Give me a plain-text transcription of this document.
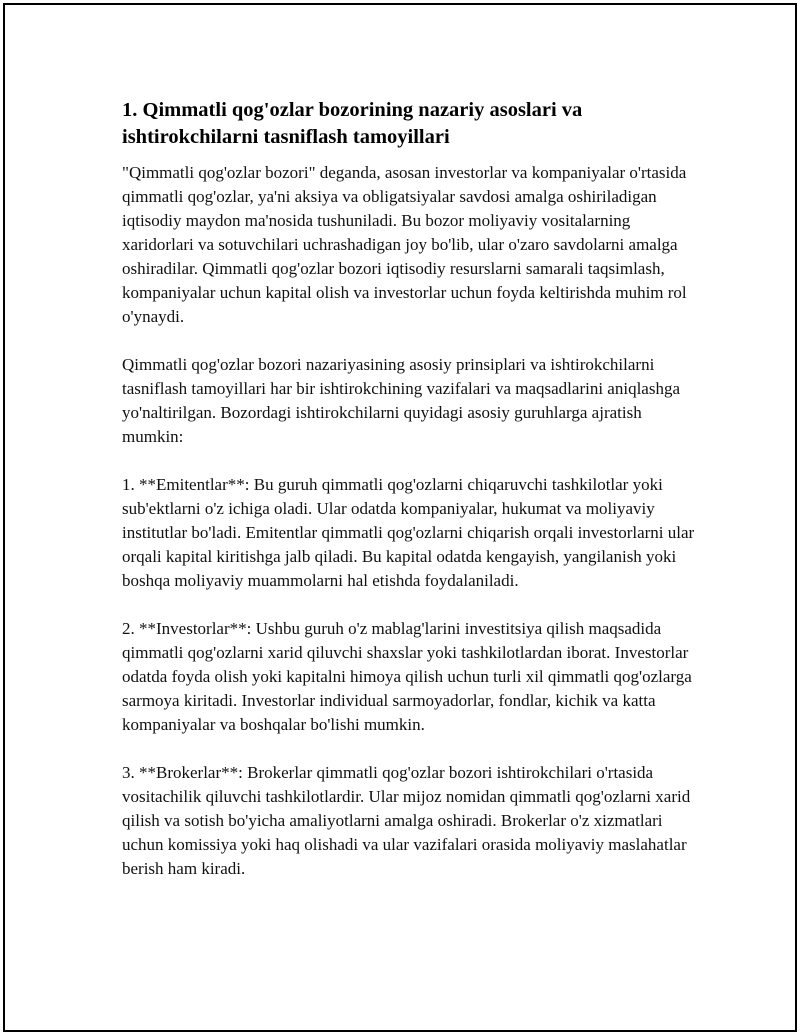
1. Qimmatli qog'ozlar bozorining nazariy asoslari va ishtirokchilarni tasniflash tamoyillari

"Qimmatli qog'ozlar bozori" deganda, asosan investorlar va kompaniyalar o'rtasida qimmatli qog'ozlar, ya'ni aksiya va obligatsiyalar savdosi amalga oshiriladigan iqtisodiy maydon ma'nosida tushuniladi. Bu bozor moliyaviy vositalarning xaridorlari va sotuvchilari uchrashadigan joy bo'lib, ular o'zaro savdolarni amalga oshiradilar. Qimmatli qog'ozlar bozori iqtisodiy resurslarni samarali taqsimlash, kompaniyalar uchun kapital olish va investorlar uchun foyda keltirishda muhim rol o'ynaydi.

Qimmatli qog'ozlar bozori nazariyasining asosiy prinsiplari va ishtirokchilarni tasniflash tamoyillari har bir ishtirokchining vazifalari va maqsadlarini aniqlashga yo'naltirilgan. Bozordagi ishtirokchilarni quyidagi asosiy guruhlarga ajratish mumkin:

1. **Emitentlar**: Bu guruh qimmatli qog'ozlarni chiqaruvchi tashkilotlar yoki sub'ektlarni o'z ichiga oladi. Ular odatda kompaniyalar, hukumat va moliyaviy institutlar bo'ladi. Emitentlar qimmatli qog'ozlarni chiqarish orqali investorlarni ular orqali kapital kiritishga jalb qiladi. Bu kapital odatda kengayish, yangilanish yoki boshqa moliyaviy muammolarni hal etishda foydalaniladi.

2. **Investorlar**: Ushbu guruh o'z mablag'larini investitsiya qilish maqsadida qimmatli qog'ozlarni xarid qiluvchi shaxslar yoki tashkilotlardan iborat. Investorlar odatda foyda olish yoki kapitalni himoya qilish uchun turli xil qimmatli qog'ozlarga sarmoya kiritadi. Investorlar individual sarmoyadorlar, fondlar, kichik va katta kompaniyalar va boshqalar bo'lishi mumkin.

3. **Brokerlar**: Brokerlar qimmatli qog'ozlar bozori ishtirokchilari o'rtasida vositachilik qiluvchi tashkilotlardir. Ular mijoz nomidan qimmatli qog'ozlarni xarid qilish va sotish bo'yicha amaliyotlarni amalga oshiradi. Brokerlar o'z xizmatlari uchun komissiya yoki haq olishadi va ular vazifalari orasida moliyaviy maslahatlar berish ham kiradi.
